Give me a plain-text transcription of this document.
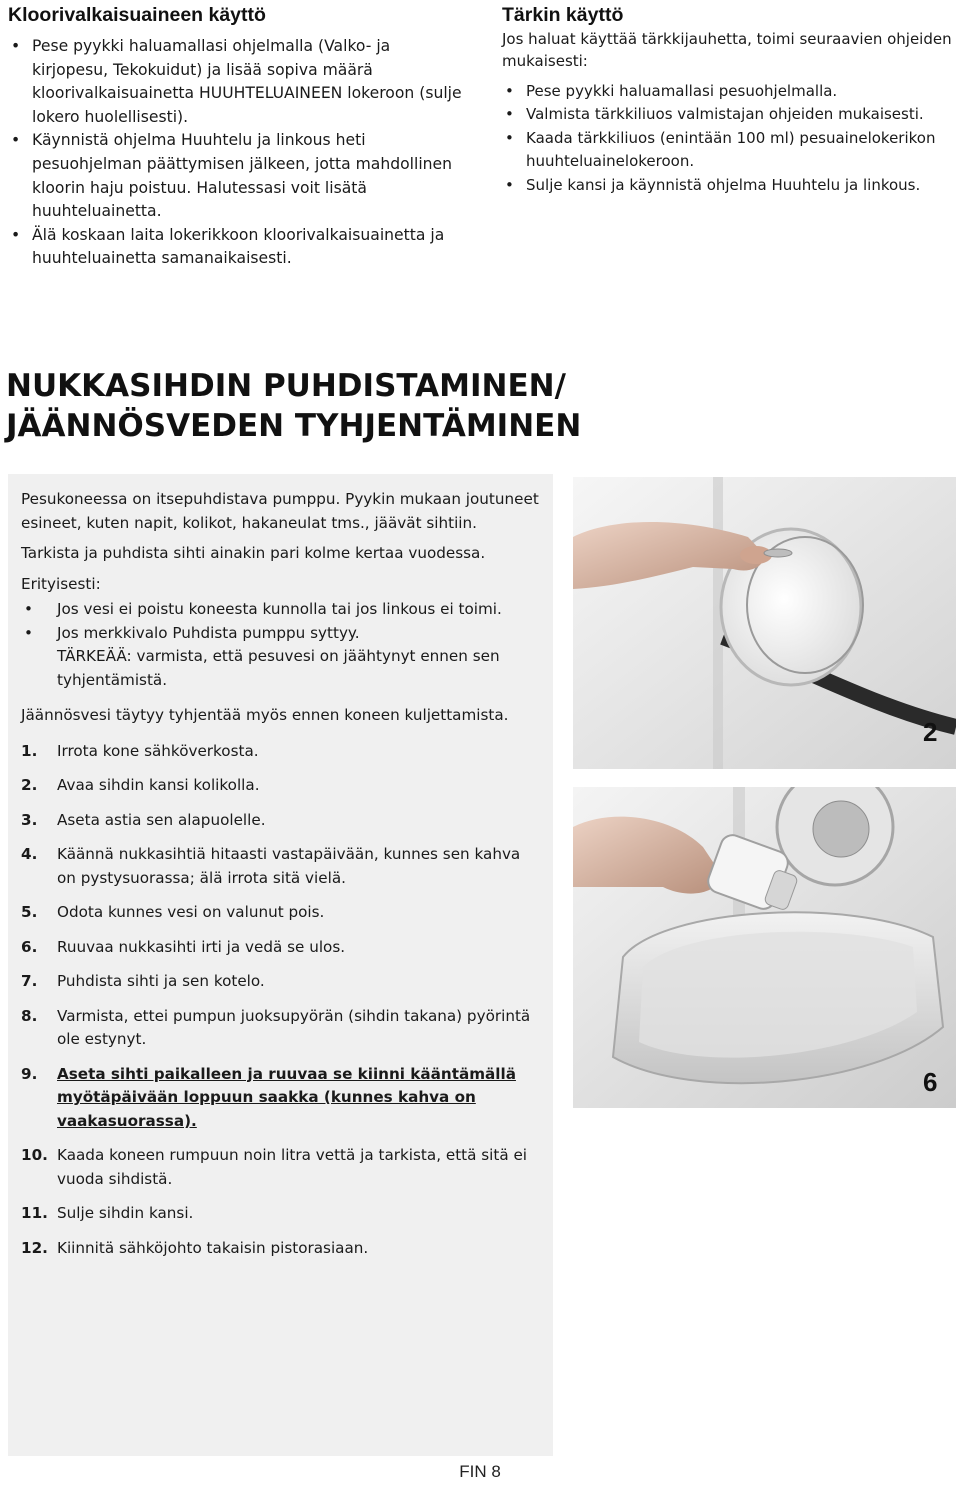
Kloorivalkaisuaineen käyttö
• Pese pyykki haluamallasi ohjelmalla (Valko- ja kirjopesu, Tekokuidut) ja lisää sopiva määrä kloorivalkaisuainetta HUUHTELUAINEEN lokeroon (sulje lokero huolellisesti).
• Käynnistä ohjelma Huuhtelu ja linkous heti pesuohjelman päättymisen jälkeen, jotta mahdollinen kloorin haju poistuu. Halutessasi voit lisätä huuhteluainetta.
• Älä koskaan laita lokerikkoon kloorivalkaisuainetta ja huuhteluainetta samanaikaisesti.
Tärkin käyttö

Jos haluat käyttää tärkkijauhetta, toimi seuraavien ohjeiden mukaisesti:

• Pese pyykki haluamallasi pesuohjelmalla.
• Valmista tärkkiliuos valmistajan ohjeiden mukaisesti.
• Kaada tärkkiliuos (enintään 100 ml) pesuainelokerikon huuhteluainelokeroon.
• Sulje kansi ja käynnistä ohjelma Huuhtelu ja linkous.
NUKKASIHDIN PUHDISTAMINEN/
JÄÄNNÖSVEDEN TYHJENTÄMINEN

Pesukoneessa on itsepuhdistava pumppu. Pyykin mukaan joutuneet esineet, kuten napit, kolikot, hakaneulat tms., jäävät sihtiin.

Tarkista ja puhdista sihti ainakin pari kolme kertaa vuodessa.

Erityisesti:

• Jos vesi ei poistu koneesta kunnolla tai jos linkous ei toimi.
• Jos merkkivalo Puhdista pumppu syttyy.
TÄRKEÄÄ: varmista, että pesuvesi on jäähtynyt ennen sen tyhjentämistä.

Jäännösvesi täytyy tyhjentää myös ennen koneen kuljettamista.

1.	Irrota kone sähköverkosta.
2.	Avaa sihdin kansi kolikolla.
3.	Aseta astia sen alapuolelle.
4.	Käännä nukkasihtiä hitaasti vastapäivään, kunnes sen kahva on pystysuorassa; älä irrota sitä vielä.
5.	Odota kunnes vesi on valunut pois.
6.	Ruuvaa nukkasihti irti ja vedä se ulos.
7.	Puhdista sihti ja sen kotelo.
8.	Varmista, ettei pumpun juoksupyörän (sihdin takana) pyörintä ole estynyt.
9.	Aseta sihti paikalleen ja ruuvaa se kiinni kääntämällä myötäpäivään loppuun saakka (kunnes kahva on vaakasuorassa).
10. Kaada koneen rumpuun noin litra vettä ja tarkista, että sitä ei vuoda sihdistä.
11. Sulje sihdin kansi.
12. Kiinnitä sähköjohto takaisin pistorasiaan.
2
6
FIN 8
